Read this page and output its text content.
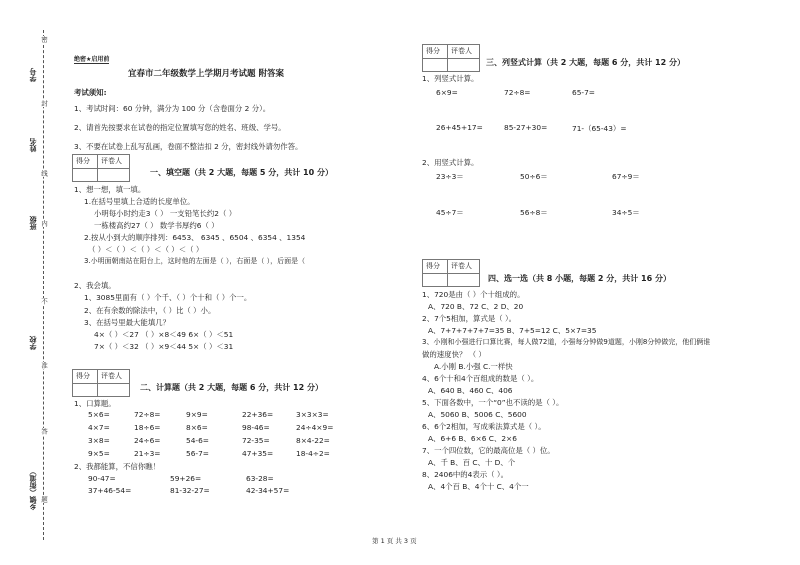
学号
姓名
班级
学校
乡镇（街道）
密
封
线
内
不
准
答
题
绝密★启用前
宜春市二年级数学上学期月考试题 附答案
考试须知:
1、考试时间：60 分钟，满分为 100 分（含卷面分 2 分）。
2、请首先按要求在试卷的指定位置填写您的姓名、班级、学号。
3、不要在试卷上乱写乱画，卷面不整洁扣 2 分，密封线外请勿作答。
得分 评卷人
一、填空题（共 2 大题，每题 5 分，共计 10 分）
1、想一想，填一填。
1.在括号里填上合适的长度单位。
小明每小时约走3（ ） 一支铅笔长约2（ ）
一栋楼高约27（ ） 数学书厚约6（ ）
2.按从小到大的顺序排列：6453、 6345 、6504 、6354 、1354
（ ）＜（ ）＜（ ）＜（ ）＜（ ）
3.小明面朝南站在阳台上，这时他的左面是（ ），右面是（ ），后面是（
2、我会填。
1、3085里面有（ ）个千、（ ）个十和（ ）个一。
2、在有余数的除法中，（ ）比（ ）小。
3、在括号里最大能填几？
4×（ ）＜27 （ ）×8＜49 6×（ ）＜51
7×（ ）＜32 （ ）×9＜44 5×（ ）＜31
得分 评卷人
二、计算题（共 2 大题，每题 6 分，共计 12 分）
1、口算题。
5×6=	72÷8=	9×9=	22+36=	3×3×3=
4×7=	18÷6=	8×6=	98-46=	24÷4×9=
3×8=	24÷6=	54-6=	72-35=	8×4-22=
9×5=	21÷3=	56-7=	47+35=	18-4÷2=
2、我都能算，不信你瞧！
90-47=	59+26=	63-28=
37+46-54=	81-32-27=	42-34+57=
得分 评卷人
三、列竖式计算（共 2 大题，每题 6 分，共计 12 分）
1、列竖式计算。
6×9=	72÷8=	65-7=
26+45+17=	85-27+30=	71-（65-43）=
2、用竖式计算。
23÷3＝	50÷6＝	67÷9＝
45÷7＝	56÷8＝	34÷5＝
得分 评卷人
四、选一选（共 8 小题，每题 2 分，共计 16 分）
1、720是由（ ）个十组成的。
A、720 B、72 C、2 D、20
2、7个5相加，算式是（ ）。
A、7+7+7+7+7=35 B、7+5=12 C、5×7=35
3、小刚和小强进行口算比赛，每人做72道，小强每分钟做9道题，小刚8分钟做完，他们俩谁
做的速度快？ （ ）
A.小刚 B.小强 C.一样快
4、6个十和4个百组成的数是（ ）。
A、640 B、460 C、406
5、下面各数中，一个“0”也不读的是（ ）。
A、5060 B、5006 C、5600
6、6个2相加，写成乘法算式是（ ）。
A、6+6 B、6×6 C、2×6
7、一个四位数，它的最高位是（ ）位。
A、千 B、百 C、十 D、个
8、2406中的4表示（ ）。
A、4个百 B、4个十 C、4个一
第 1 页 共 3 页
